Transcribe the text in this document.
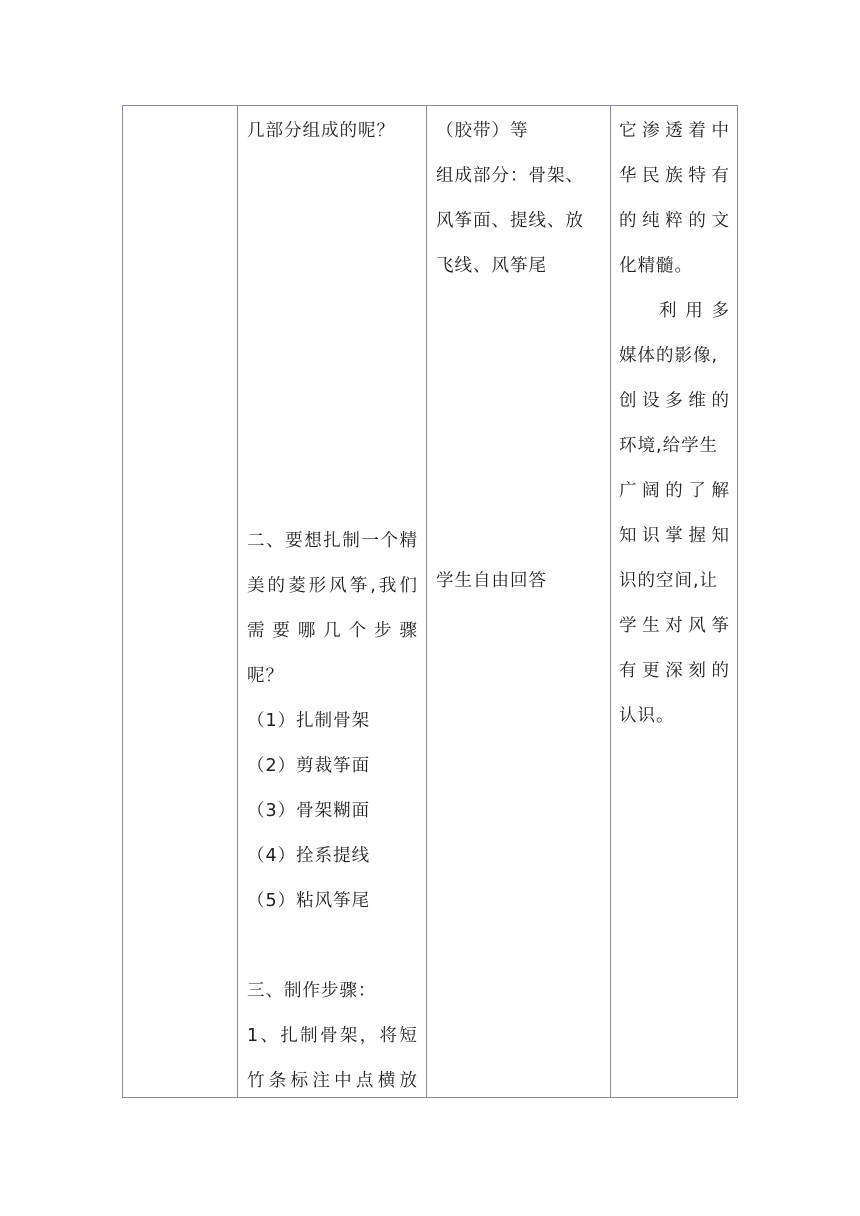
几部分组成的呢？
二 、 要 想 扎 制 一 个 精
美 的 菱 形 风 筝 , 我 们
需 要 哪 几 个 步 骤
呢？
（1）扎制骨架
（2）剪裁筝面
（3）骨架糊面
（4）拴系提线
（5）粘风筝尾
三、制作步骤：
1 、 扎 制 骨 架 ， 将 短
竹 条 标 注 中 点 横 放
（胶带）等
组成部分：骨架、
风筝面、提线、放
飞线、风筝尾
学生自由回答
它 渗 透 着 中
华 民 族 特 有
的 纯 粹 的 文
化精髓。
利 用 多
媒体的影像,
创 设 多 维 的
环境,给学生
广 阔 的 了 解
知 识 掌 握 知
识的空间,让
学 生 对 风 筝
有 更 深 刻 的
认识。
